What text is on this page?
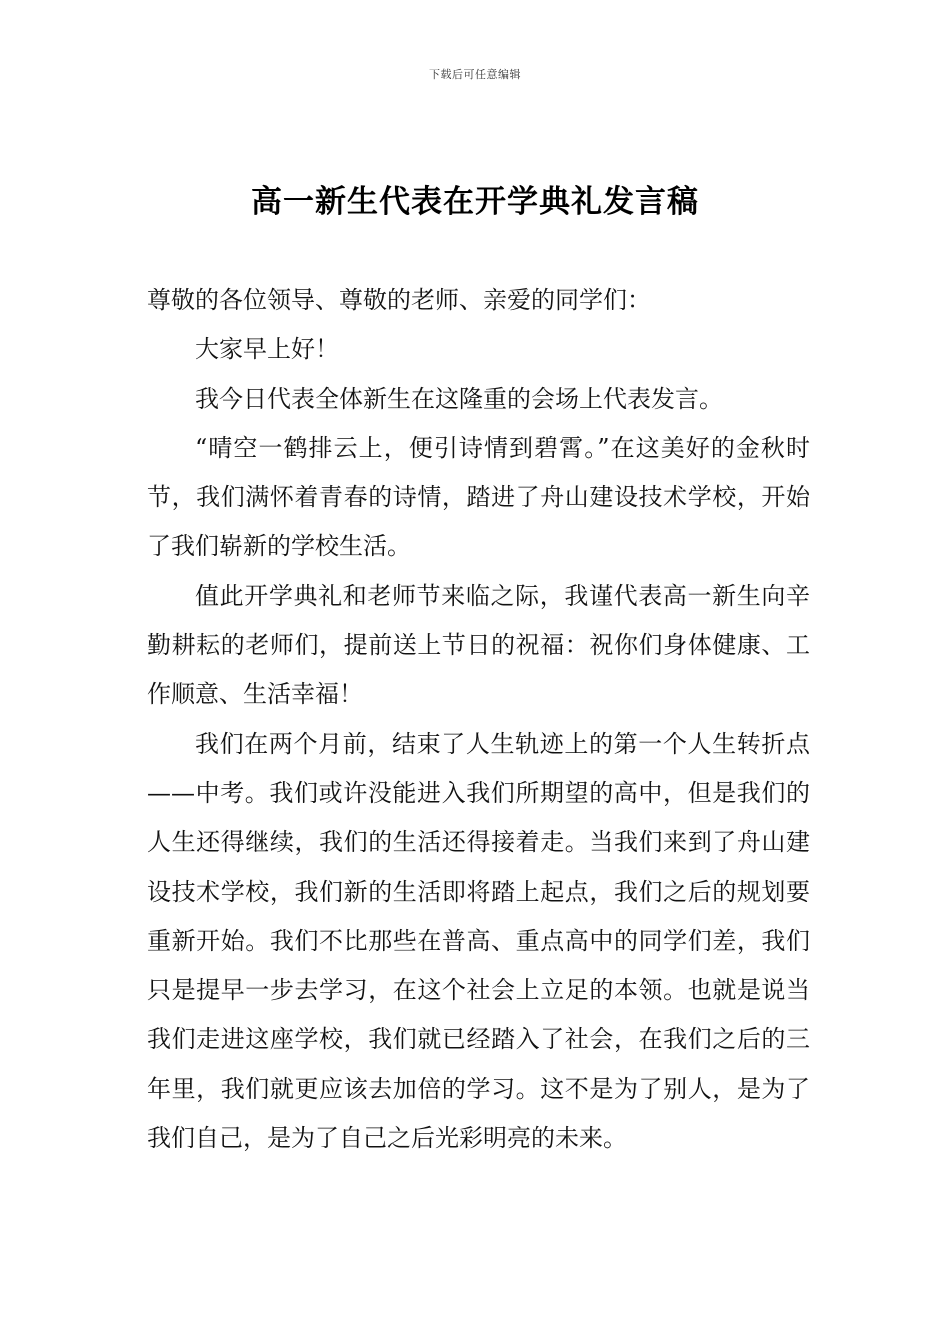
下载后可任意编辑
高一新生代表在开学典礼发言稿

尊敬的各位领导、尊敬的老师、亲爱的同学们：

大家早上好！

我今日代表全体新生在这隆重的会场上代表发言。

“晴空一鹤排云上，便引诗情到碧霄。”在这美好的金秋时节，我们满怀着青春的诗情，踏进了舟山建设技术学校，开始了我们崭新的学校生活。

值此开学典礼和老师节来临之际，我谨代表高一新生向辛勤耕耘的老师们，提前送上节日的祝福：祝你们身体健康、工作顺意、生活幸福！

我们在两个月前，结束了人生轨迹上的第一个人生转折点——中考。我们或许没能进入我们所期望的高中，但是我们的人生还得继续，我们的生活还得接着走。当我们来到了舟山建设技术学校，我们新的生活即将踏上起点，我们之后的规划要重新开始。我们不比那些在普高、重点高中的同学们差，我们只是提早一步去学习，在这个社会上立足的本领。也就是说当我们走进这座学校，我们就已经踏入了社会，在我们之后的三年里，我们就更应该去加倍的学习。这不是为了别人，是为了我们自己，是为了自己之后光彩明亮的未来。
